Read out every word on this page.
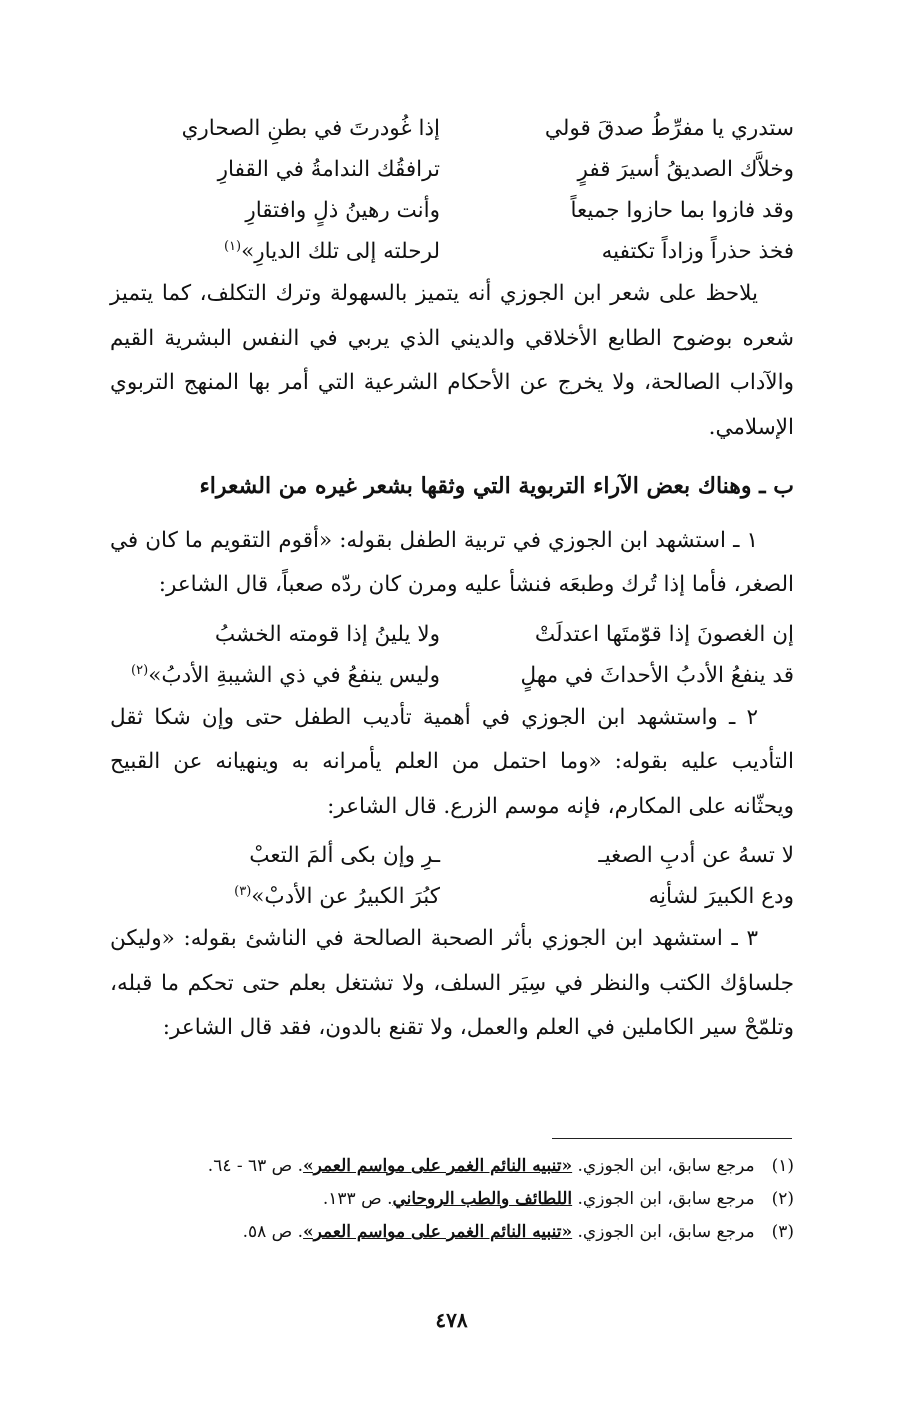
ستدري يا مفرِّطُ صدقَ قولي
إذا غُودرتَ في بطنِ الصحاري
وخلاَّك الصديقُ أسيرَ قفرٍ
ترافقُك الندامةُ في القفارِ
وقد فازوا بما حازوا جميعاً
وأنت رهينُ ذلٍ وافتقارِ
فخذ حذراً وزاداً تكتفيه
لرحلته إلى تلك الديارِ»$^{(١)}$

يلاحظ على شعر ابن الجوزي أنه يتميز بالسهولة وترك التكلف، كما يتميز شعره بوضوح الطابع الأخلاقي والديني الذي يربي في النفس البشرية القيم والآداب الصالحة، ولا يخرج عن الأحكام الشرعية التي أمر بها المنهج التربوي الإسلامي.

ب ـ وهناك بعض الآراء التربوية التي وثقها بشعر غيره من الشعراء

١ ـ استشهد ابن الجوزي في تربية الطفل بقوله: «أقوم التقويم ما كان في الصغر، فأما إذا تُرك وطبعَه فنشأ عليه ومرن كان ردّه صعباً، قال الشاعر:

إن الغصونَ إذا قوّمتَها اعتدلَتْ
ولا يلينُ إذا قومته الخشبُ
قد ينفعُ الأدبُ الأحداثَ في مهلٍ
وليس ينفعُ في ذي الشيبةِ الأدبُ»$^{(٢)}$

٢ ـ واستشهد ابن الجوزي في أهمية تأديب الطفل حتى وإن شكا ثقل التأديب عليه بقوله: «وما احتمل من العلم يأمرانه به وينهيانه عن القبيح ويحثّانه على المكارم، فإنه موسم الزرع. قال الشاعر:

لا تسهُ عن أدبِ الصغيـ
ـرِ وإن بكى ألمَ التعبْ
ودع الكبيرَ لشأنِه
كبُرَ الكبيرُ عن الأدبْ»$^{(٣)}$

٣ ـ استشهد ابن الجوزي بأثر الصحبة الصالحة في الناشئ بقوله: «وليكن جلساؤك الكتب والنظر في سِيَر السلف، ولا تشتغل بعلم حتى تحكم ما قبله، وتلمّحْ سير الكاملين في العلم والعمل، ولا تقنع بالدون، فقد قال الشاعر:

(١) مرجع سابق، ابن الجوزي. «تنبيه النائم الغمر على مواسم العمر». ص ٦٣ - ٦٤.

(٢) مرجع سابق، ابن الجوزي. اللطائف والطب الروحاني. ص ١٣٣.

(٣) مرجع سابق، ابن الجوزي. «تنبيه النائم الغمر على مواسم العمر». ص ٥٨.

٤٧٨
